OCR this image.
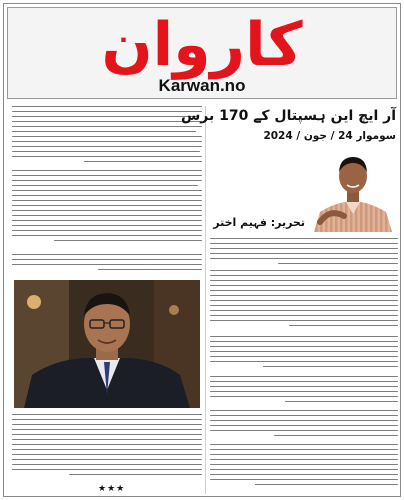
کاروان
Karwan.no
★★★
آر ایچ این ہسپتال کے 170 برس
سوموار 24 / جون / 2024
تحریر: فہیم اختر
